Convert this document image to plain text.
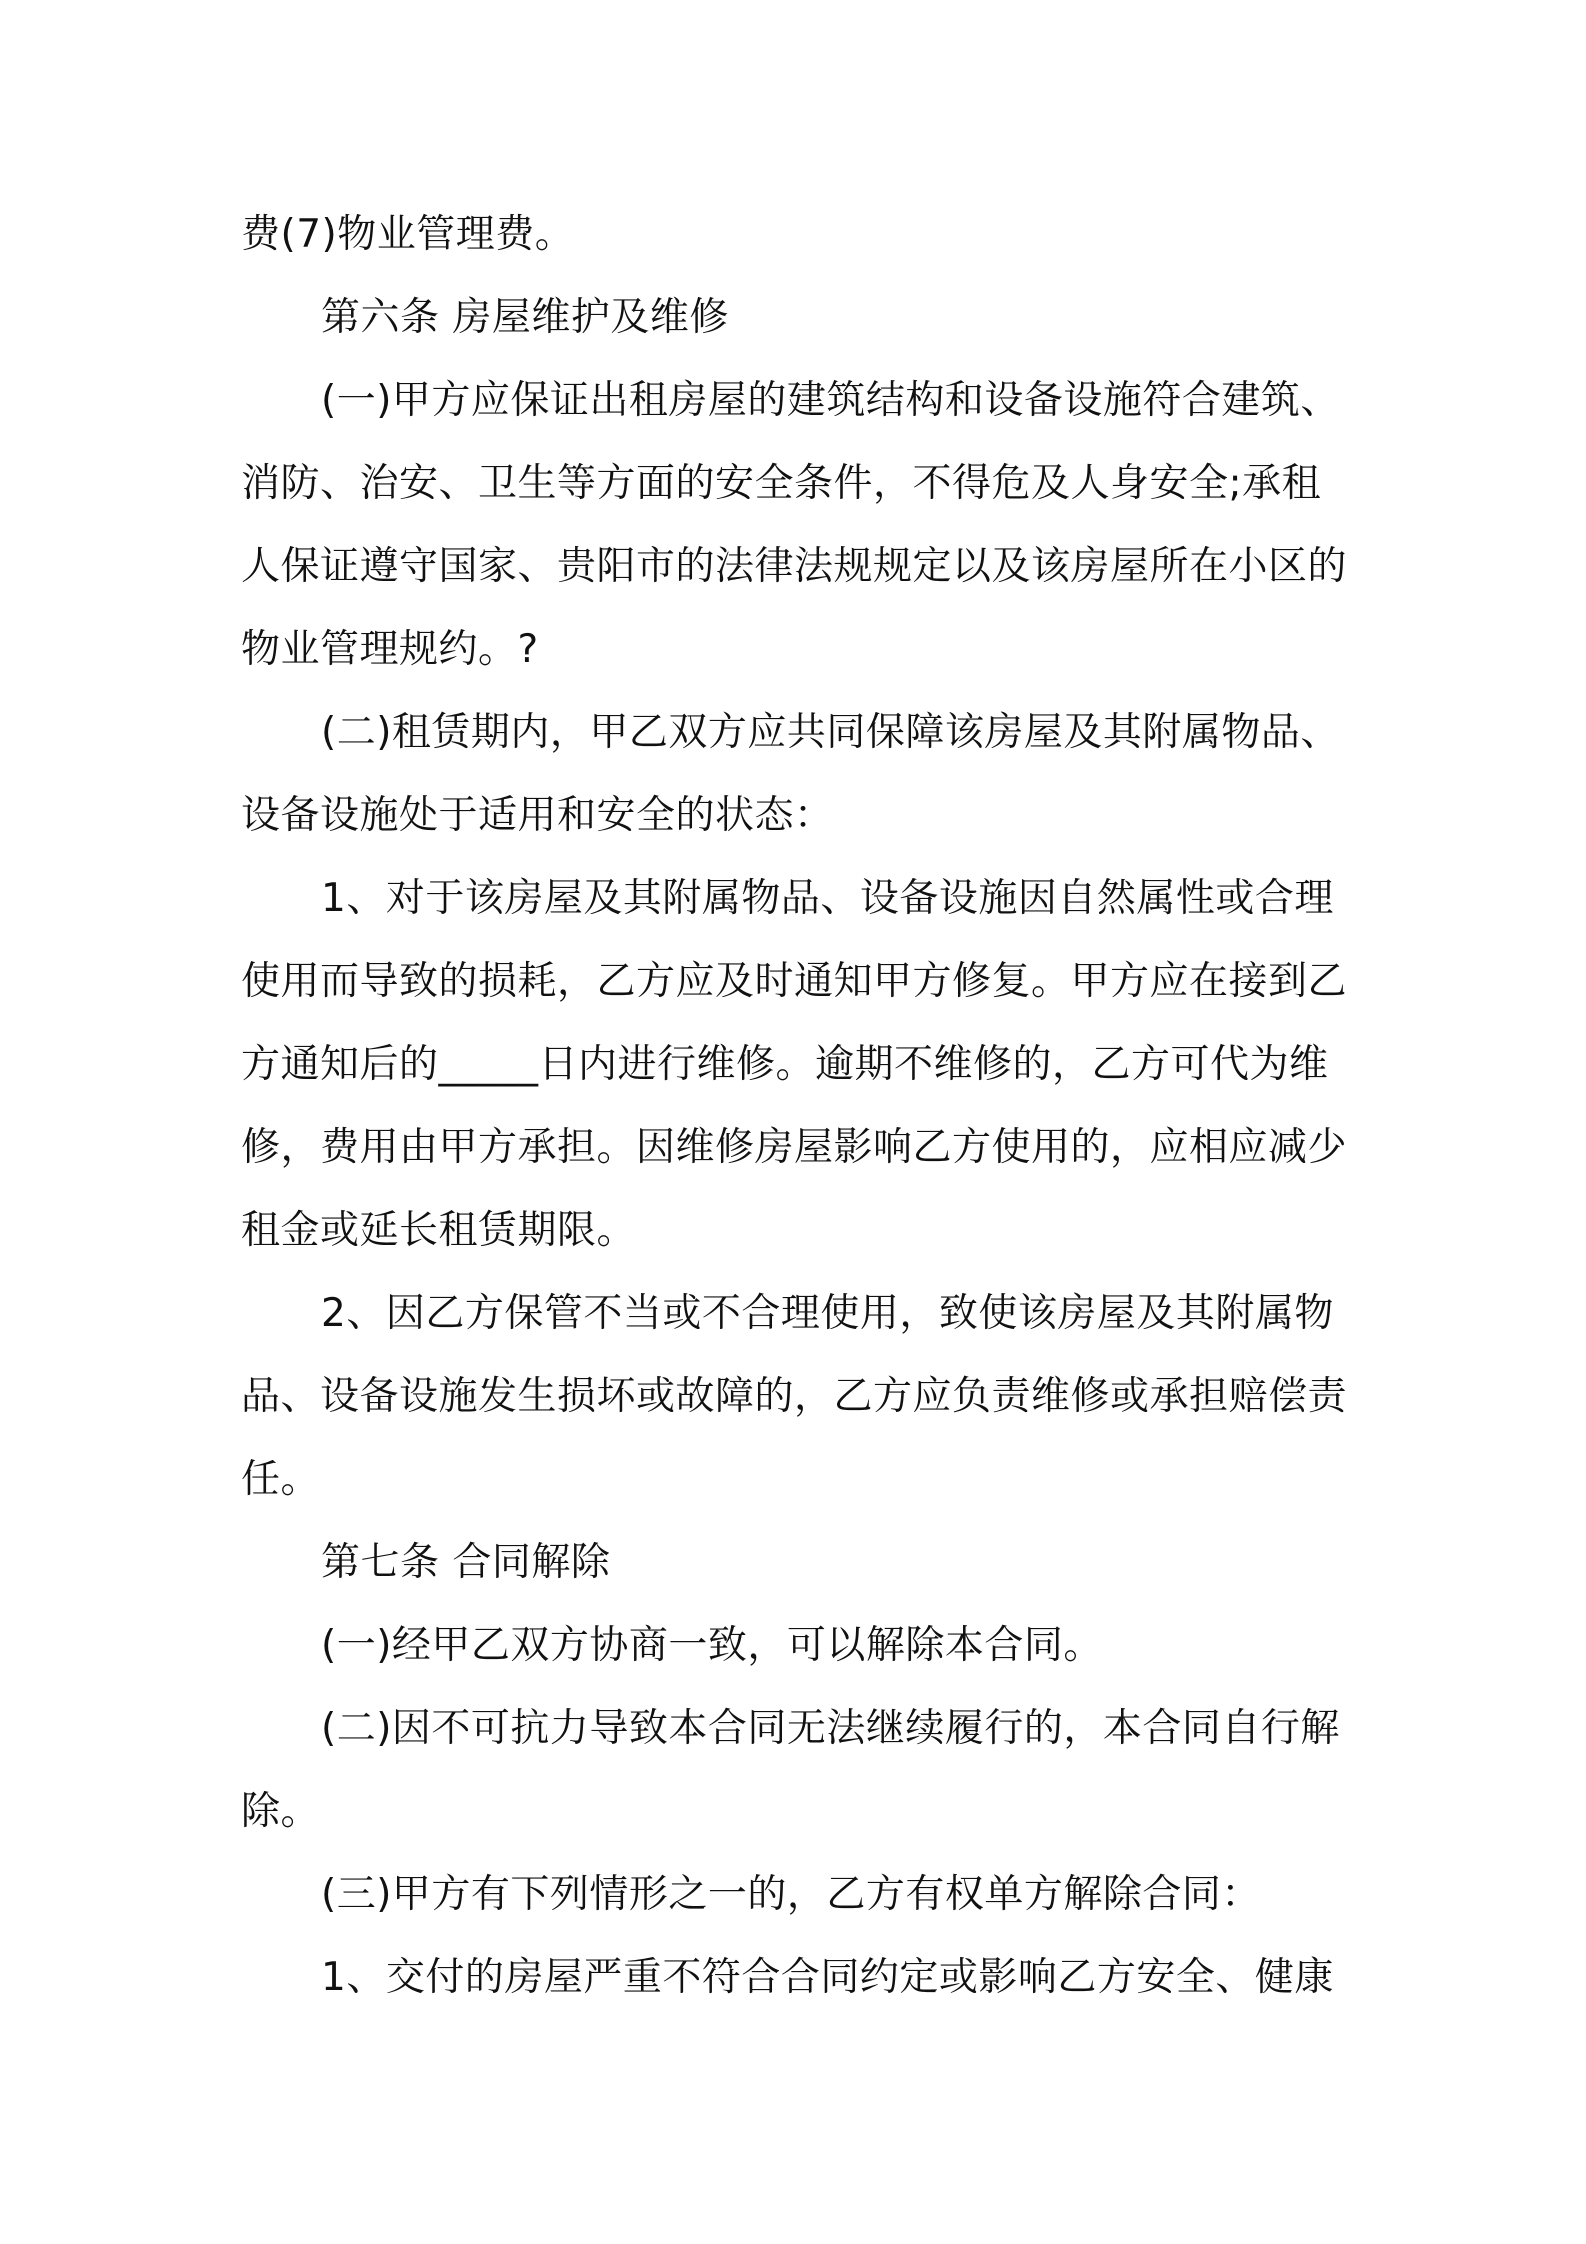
费(7)物业管理费。

第六条 房屋维护及维修

(一)甲方应保证出租房屋的建筑结构和设备设施符合建筑、消防、治安、卫生等方面的安全条件，不得危及人身安全;承租人保证遵守国家、贵阳市的法律法规规定以及该房屋所在小区的物业管理规约。?

(二)租赁期内，甲乙双方应共同保障该房屋及其附属物品、设备设施处于适用和安全的状态：

1、对于该房屋及其附属物品、设备设施因自然属性或合理使用而导致的损耗，乙方应及时通知甲方修复。甲方应在接到乙方通知后的_____日内进行维修。逾期不维修的，乙方可代为维修，费用由甲方承担。因维修房屋影响乙方使用的，应相应减少租金或延长租赁期限。

2、因乙方保管不当或不合理使用，致使该房屋及其附属物品、设备设施发生损坏或故障的，乙方应负责维修或承担赔偿责任。

第七条 合同解除

(一)经甲乙双方协商一致，可以解除本合同。

(二)因不可抗力导致本合同无法继续履行的，本合同自行解除。

(三)甲方有下列情形之一的，乙方有权单方解除合同：

1、交付的房屋严重不符合合同约定或影响乙方安全、健康
